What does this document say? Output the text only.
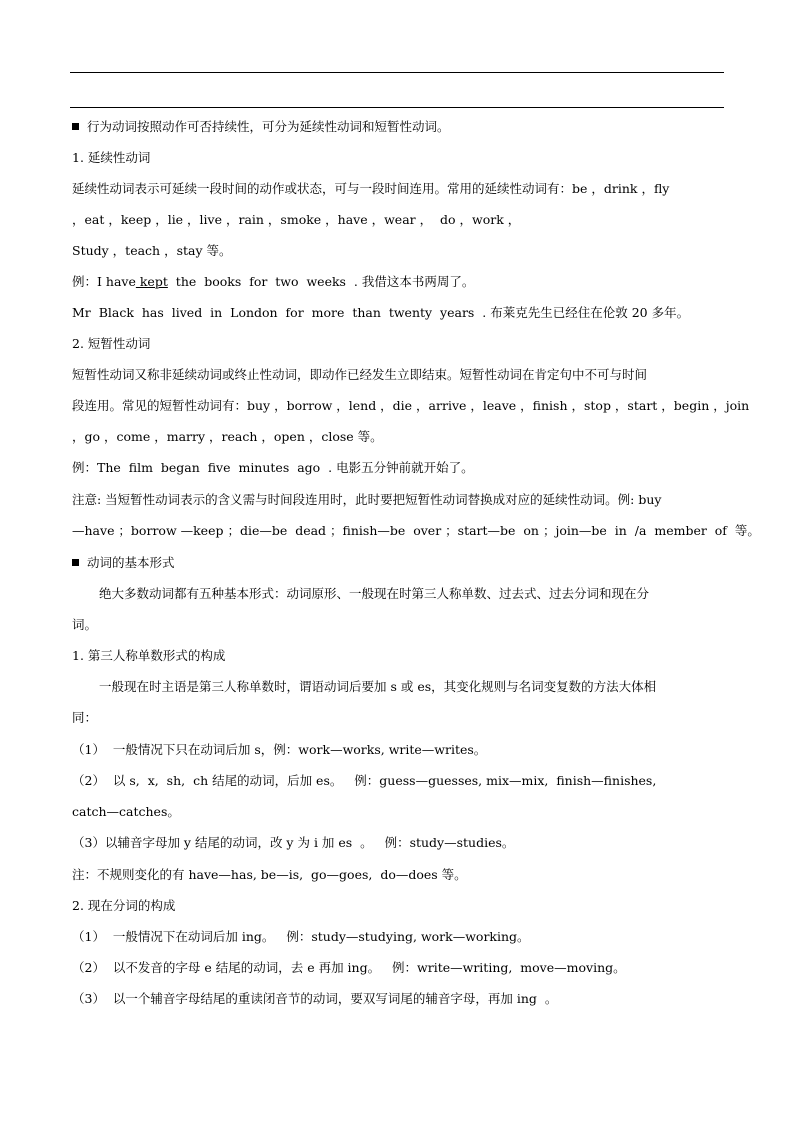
行为动词按照动作可否持续性，可分为延续性动词和短暂性动词。
1. 延续性动词
延续性动词表示可延续一段时间的动作或状态，可与一段时间连用。常用的延续性动词有：be ，drink ，fly
，eat ，keep ，lie ，live ，rain ，smoke ，have ，wear ，  do ，work ，
Study ，teach ，stay 等。
例：I have kept  the  books  for  two  weeks  . 我借这本书两周了。
Mr  Black  has  lived  in  London  for  more  than  twenty  years  . 布莱克先生已经住在伦敦 20 多年。
2. 短暂性动词
短暂性动词又称非延续动词或终止性动词，即动作已经发生立即结束。短暂性动词在肯定句中不可与时间
段连用。常见的短暂性动词有：buy ，borrow ，lend ，die ，arrive ，leave ，finish ，stop ，start ，begin ，join
，go ，come ，marry ，reach ，open ，close 等。
例：The  film  began  five  minutes  ago  . 电影五分钟前就开始了。
注意: 当短暂性动词表示的含义需与时间段连用时，此时要把短暂性动词替换成对应的延续性动词。例: buy
—have ；borrow —keep ；die—be  dead ；finish—be  over ；start—be  on ；join—be  in  /a  member  of  等。
动词的基本形式
绝大多数动词都有五种基本形式：动词原形、一般现在时第三人称单数、过去式、过去分词和现在分
词。
1. 第三人称单数形式的构成
一般现在时主语是第三人称单数时，谓语动词后要加 s 或 es，其变化规则与名词变复数的方法大体相
同：
（1）  一般情况下只在动词后加 s，例：work—works, write—writes。
（2）  以 s,  x,  sh,  ch 结尾的动词，后加 es。   例：guess—guesses, mix—mix,  finish—finishes,
catch—catches。
（3）以辅音字母加 y 结尾的动词，改 y 为 i 加 es  。   例：study—studies。
注：不规则变化的有 have—has, be—is,  go—goes,  do—does 等。
2. 现在分词的构成
（1）  一般情况下在动词后加 ing。   例：study—studying, work—working。
（2）  以不发音的字母 e 结尾的动词，去 e 再加 ing。   例：write—writing,  move—moving。
（3）  以一个辅音字母结尾的重读闭音节的动词，要双写词尾的辅音字母，再加 ing  。
